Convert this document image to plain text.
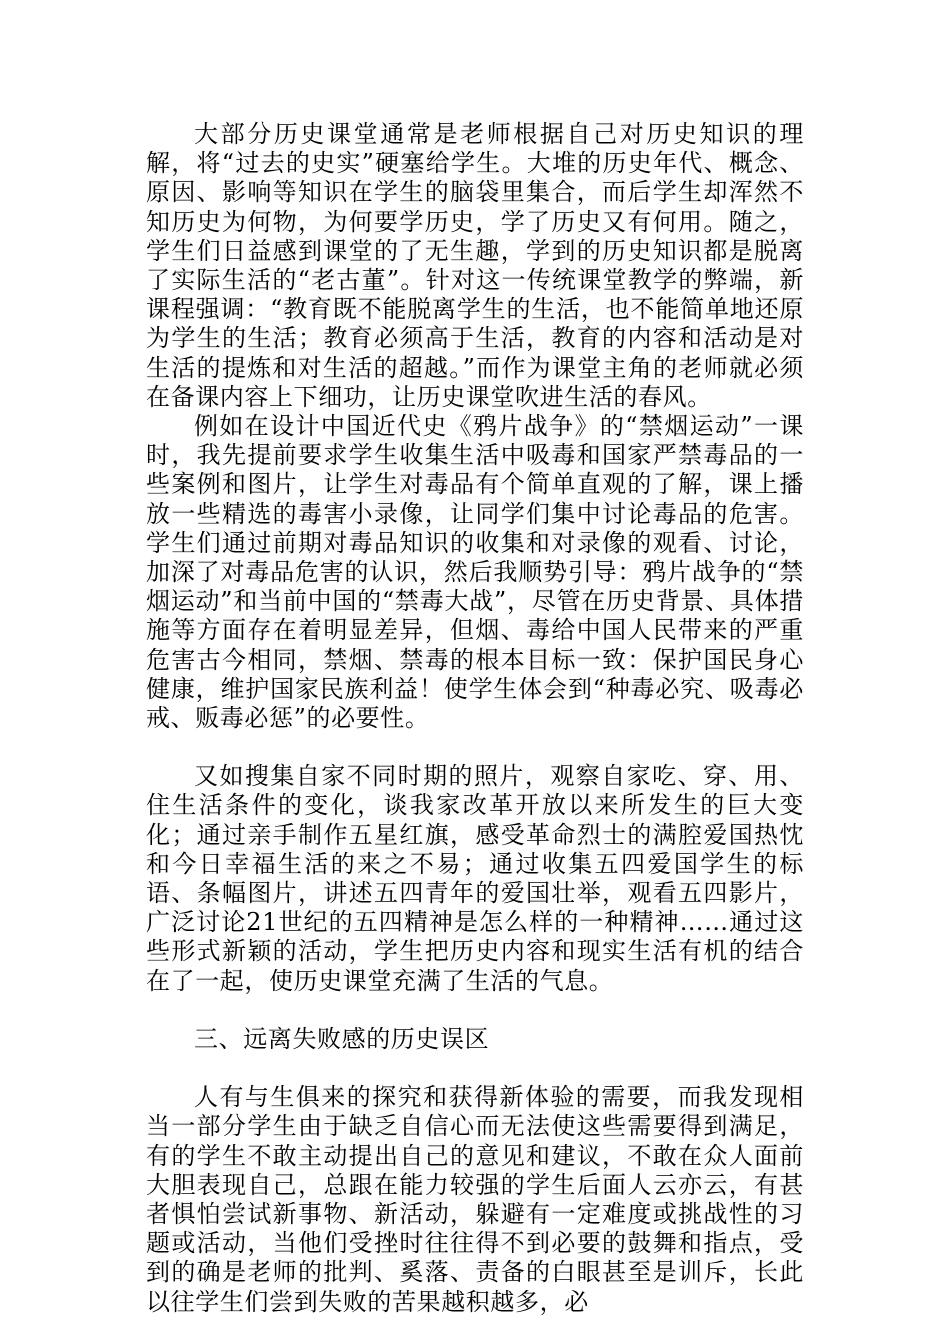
大部分历史课堂通常是老师根据自己对历史知识的理解，将“过去的史实”硬塞给学生。大堆的历史年代、概念、原因、影响等知识在学生的脑袋里集合，而后学生却浑然不知历史为何物，为何要学历史，学了历史又有何用。随之，学生们日益感到课堂的了无生趣，学到的历史知识都是脱离了实际生活的“老古董”。针对这一传统课堂教学的弊端，新课程强调：“教育既不能脱离学生的生活，也不能简单地还原为学生的生活；教育必须高于生活，教育的内容和活动是对生活的提炼和对生活的超越。”而作为课堂主角的老师就必须在备课内容上下细功，让历史课堂吹进生活的春风。

例如在设计中国近代史《鸦片战争》的“禁烟运动”一课时，我先提前要求学生收集生活中吸毒和国家严禁毒品的一些案例和图片，让学生对毒品有个简单直观的了解，课上播放一些精选的毒害小录像，让同学们集中讨论毒品的危害。学生们通过前期对毒品知识的收集和对录像的观看、讨论，加深了对毒品危害的认识，然后我顺势引导：鸦片战争的“禁烟运动”和当前中国的“禁毒大战”，尽管在历史背景、具体措施等方面存在着明显差异，但烟、毒给中国人民带来的严重危害古今相同，禁烟、禁毒的根本目标一致：保护国民身心健康，维护国家民族利益！使学生体会到“种毒必究、吸毒必戒、贩毒必惩”的必要性。

又如搜集自家不同时期的照片，观察自家吃、穿、用、住生活条件的变化，谈我家改革开放以来所发生的巨大变化；通过亲手制作五星红旗，感受革命烈士的满腔爱国热忱和今日幸福生活的来之不易；通过收集五四爱国学生的标语、条幅图片，讲述五四青年的爱国壮举，观看五四影片，广泛讨论21世纪的五四精神是怎么样的一种精神……通过这些形式新颖的活动，学生把历史内容和现实生活有机的结合在了一起，使历史课堂充满了生活的气息。

三、远离失败感的历史误区

人有与生俱来的探究和获得新体验的需要，而我发现相当一部分学生由于缺乏自信心而无法使这些需要得到满足，有的学生不敢主动提出自己的意见和建议，不敢在众人面前大胆表现自己，总跟在能力较强的学生后面人云亦云，有甚者惧怕尝试新事物、新活动，躲避有一定难度或挑战性的习题或活动，当他们受挫时往往得不到必要的鼓舞和指点，受到的确是老师的批判、奚落、责备的白眼甚至是训斥，长此以往学生们尝到失败的苦果越积越多，必
